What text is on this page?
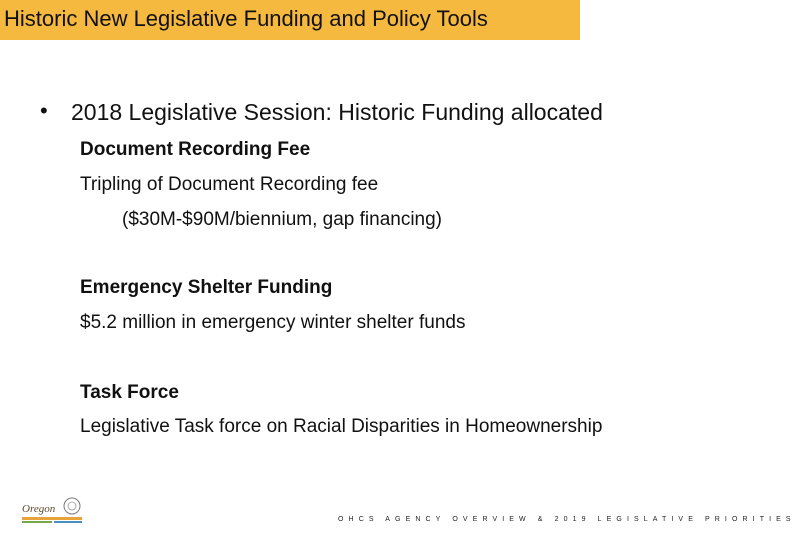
Historic New Legislative Funding and Policy Tools
• 2018 Legislative Session: Historic Funding allocated
Document Recording Fee
Tripling of Document Recording fee
($30M-$90M/biennium, gap financing)
Emergency Shelter Funding
$5.2 million in emergency winter shelter funds
Task Force
Legislative Task force on Racial Disparities in Homeownership
Oregon
OHCS AGENCY OVERVIEW & 2019 LEGISLATIVE PRIORITIES
